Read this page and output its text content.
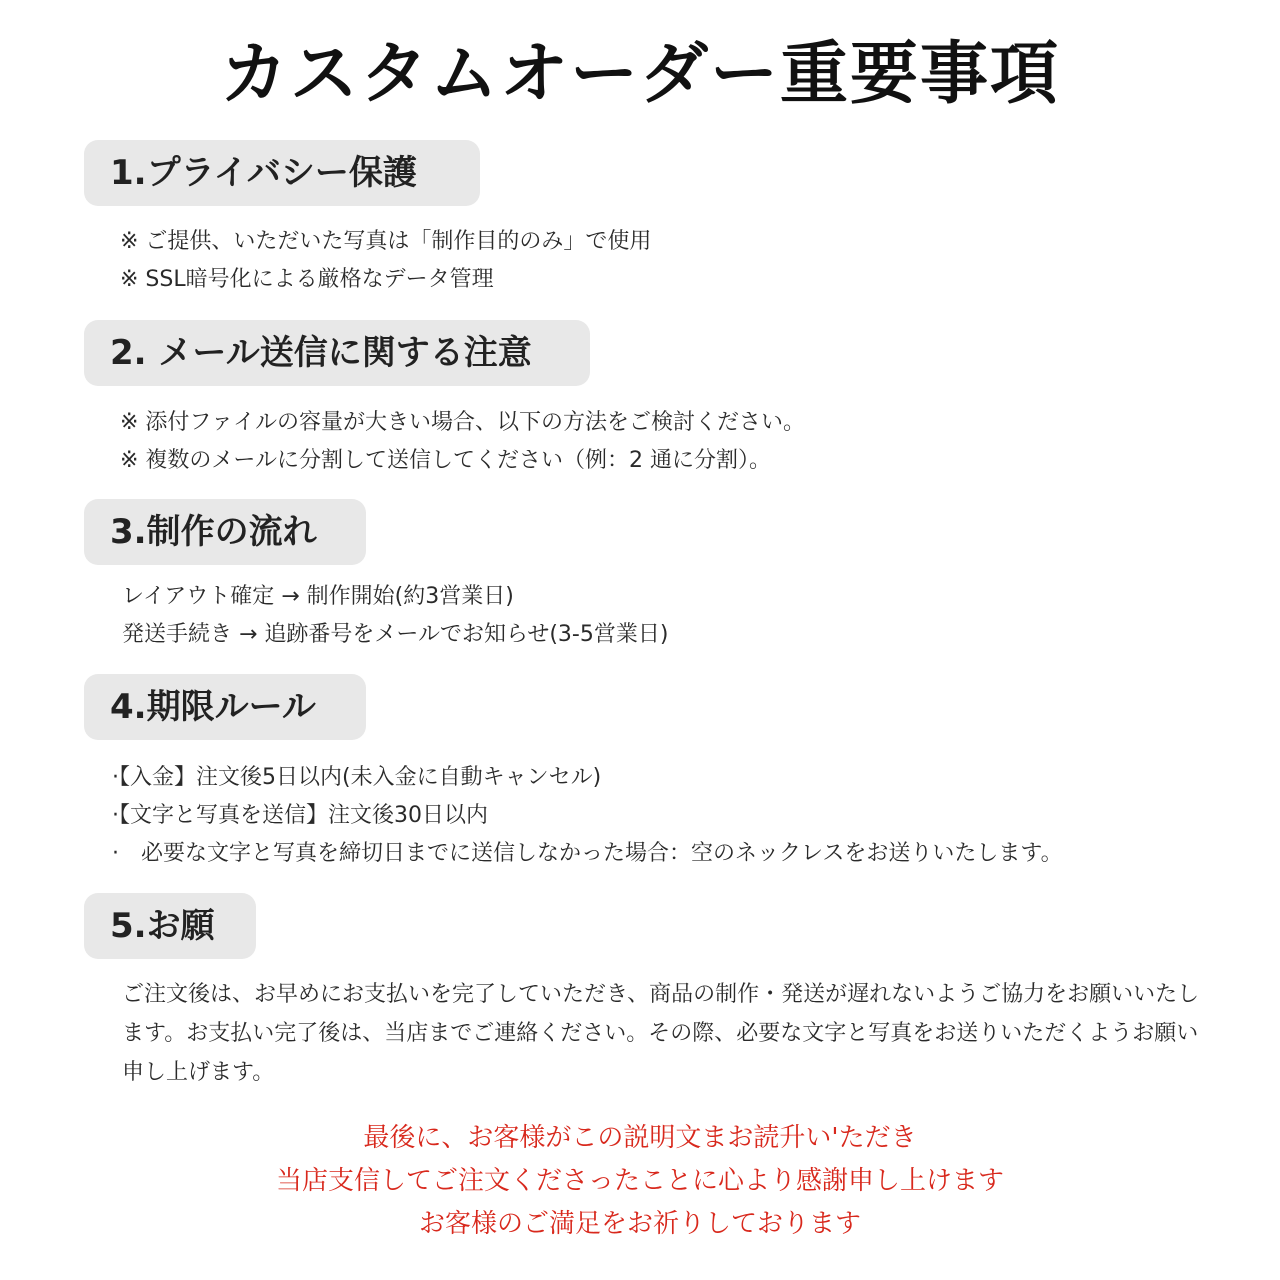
カスタムオーダー重要事項
1.プライバシー保護
※ ご提供、いただいた写真は「制作目的のみ」で使用
※ SSL暗号化による厳格なデータ管理
2. メール送信に関する注意
※ 添付ファイルの容量が大きい場合、以下の方法をご検討ください。
※ 複数のメールに分割して送信してください（例：2 通に分割）。
3.制作の流れ
レイアウト確定 → 制作開始(約3営業日)
発送手続き → 追跡番号をメールでお知らせ(3-5営業日)
4.期限ルール
·【入金】注文後5日以内(未入金に自動キャンセル)
·【文字と写真を送信】注文後30日以内
·　必要な文字と写真を締切日までに送信しなかった場合：空のネックレスをお送りいたします。
5.お願
ご注文後は、お早めにお支払いを完了していただき、商品の制作・発送が遅れないようご協力をお願いいたします。お支払い完了後は、当店までご連絡ください。その際、必要な文字と写真をお送りいただくようお願い申し上げます。
最後に、お客様がこの説明文まお読升い'ただき
当店支信してご注文くださったことに心より感謝申し上けます
お客様のご満足をお祈りしております
